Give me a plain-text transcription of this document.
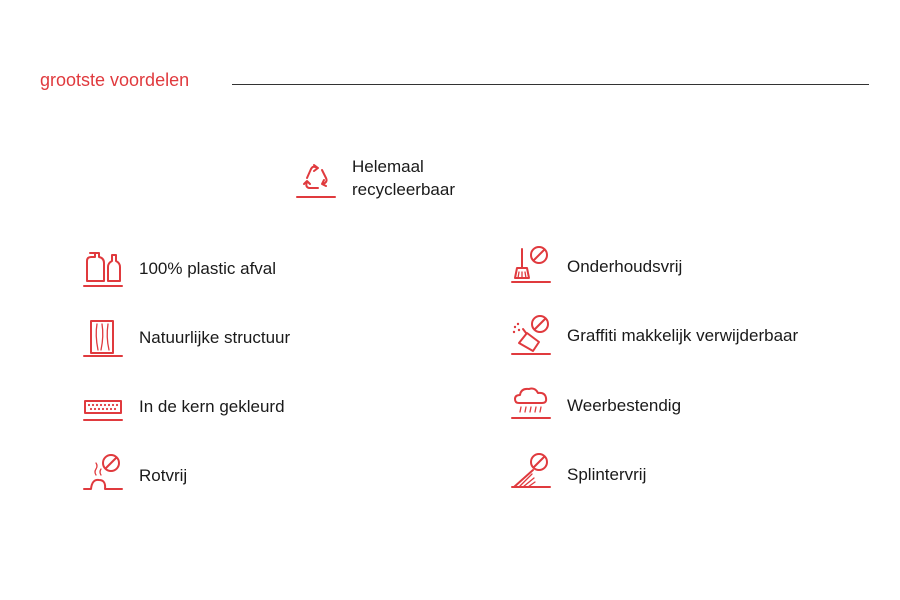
grootste voordelen
Helemaal
recycleerbaar
100% plastic afval
Natuurlijke structuur
In de kern gekleurd
Rotvrij
Onderhoudsvrij
Graffiti makkelijk verwijderbaar
Weerbestendig
Splintervrij
